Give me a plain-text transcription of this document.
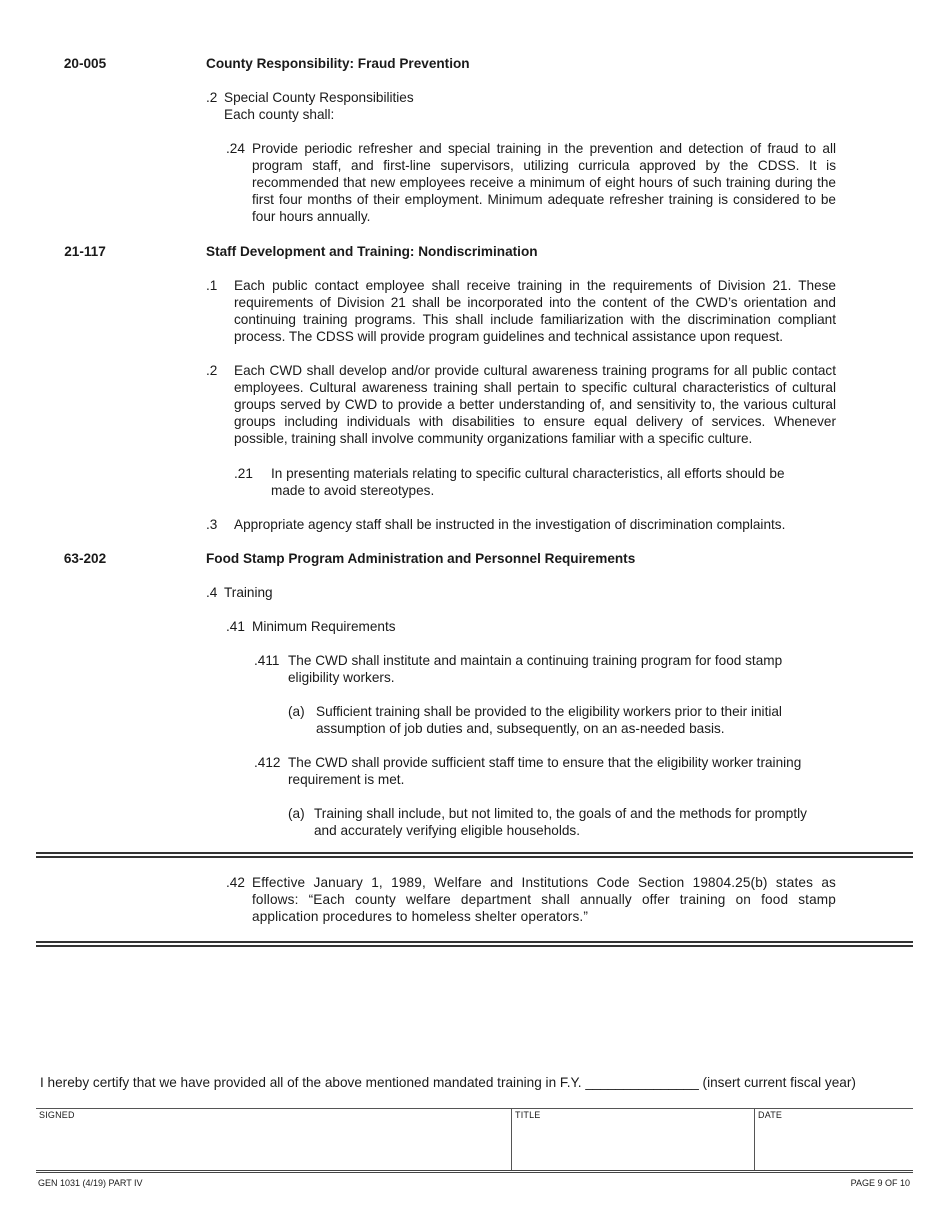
20-005	County Responsibility: Fraud Prevention
.2 Special County Responsibilities
Each county shall:
.24 Provide periodic refresher and special training in the prevention and detection of fraud to all program staff, and first-line supervisors, utilizing curricula approved by the CDSS. It is recommended that new employees receive a minimum of eight hours of such training during the first four months of their employment. Minimum adequate refresher training is considered to be four hours annually.
21-117	Staff Development and Training: Nondiscrimination
.1 Each public contact employee shall receive training in the requirements of Division 21. These requirements of Division 21 shall be incorporated into the content of the CWD’s orientation and continuing training programs. This shall include familiarization with the discrimination compliant process. The CDSS will provide program guidelines and technical assistance upon request.
.2 Each CWD shall develop and/or provide cultural awareness training programs for all public contact employees. Cultural awareness training shall pertain to specific cultural characteristics of cultural groups served by CWD to provide a better understanding of, and sensitivity to, the various cultural groups including individuals with disabilities to ensure equal delivery of services. Whenever possible, training shall involve community organizations familiar with a specific culture.
.21 In presenting materials relating to specific cultural characteristics, all efforts should be made to avoid stereotypes.
.3 Appropriate agency staff shall be instructed in the investigation of discrimination complaints.
63-202	Food Stamp Program Administration and Personnel Requirements
.4 Training
.41 Minimum Requirements
.411 The CWD shall institute and maintain a continuing training program for food stamp eligibility workers.
(a) Sufficient training shall be provided to the eligibility workers prior to their initial assumption of job duties and, subsequently, on an as-needed basis.
.412 The CWD shall provide sufficient staff time to ensure that the eligibility worker training requirement is met.
(a) Training shall include, but not limited to, the goals of and the methods for promptly and accurately verifying eligible households.
.42 Effective January 1, 1989, Welfare and Institutions Code Section 19804.25(b) states as follows: “Each county welfare department shall annually offer training on food stamp application procedures to homeless shelter operators.”
I hereby certify that we have provided all of the above mentioned mandated training in F.Y. _______________ (insert current fiscal year)
SIGNED	TITLE	DATE
GEN 1031 (4/19) PART IV	PAGE 9 OF 10
